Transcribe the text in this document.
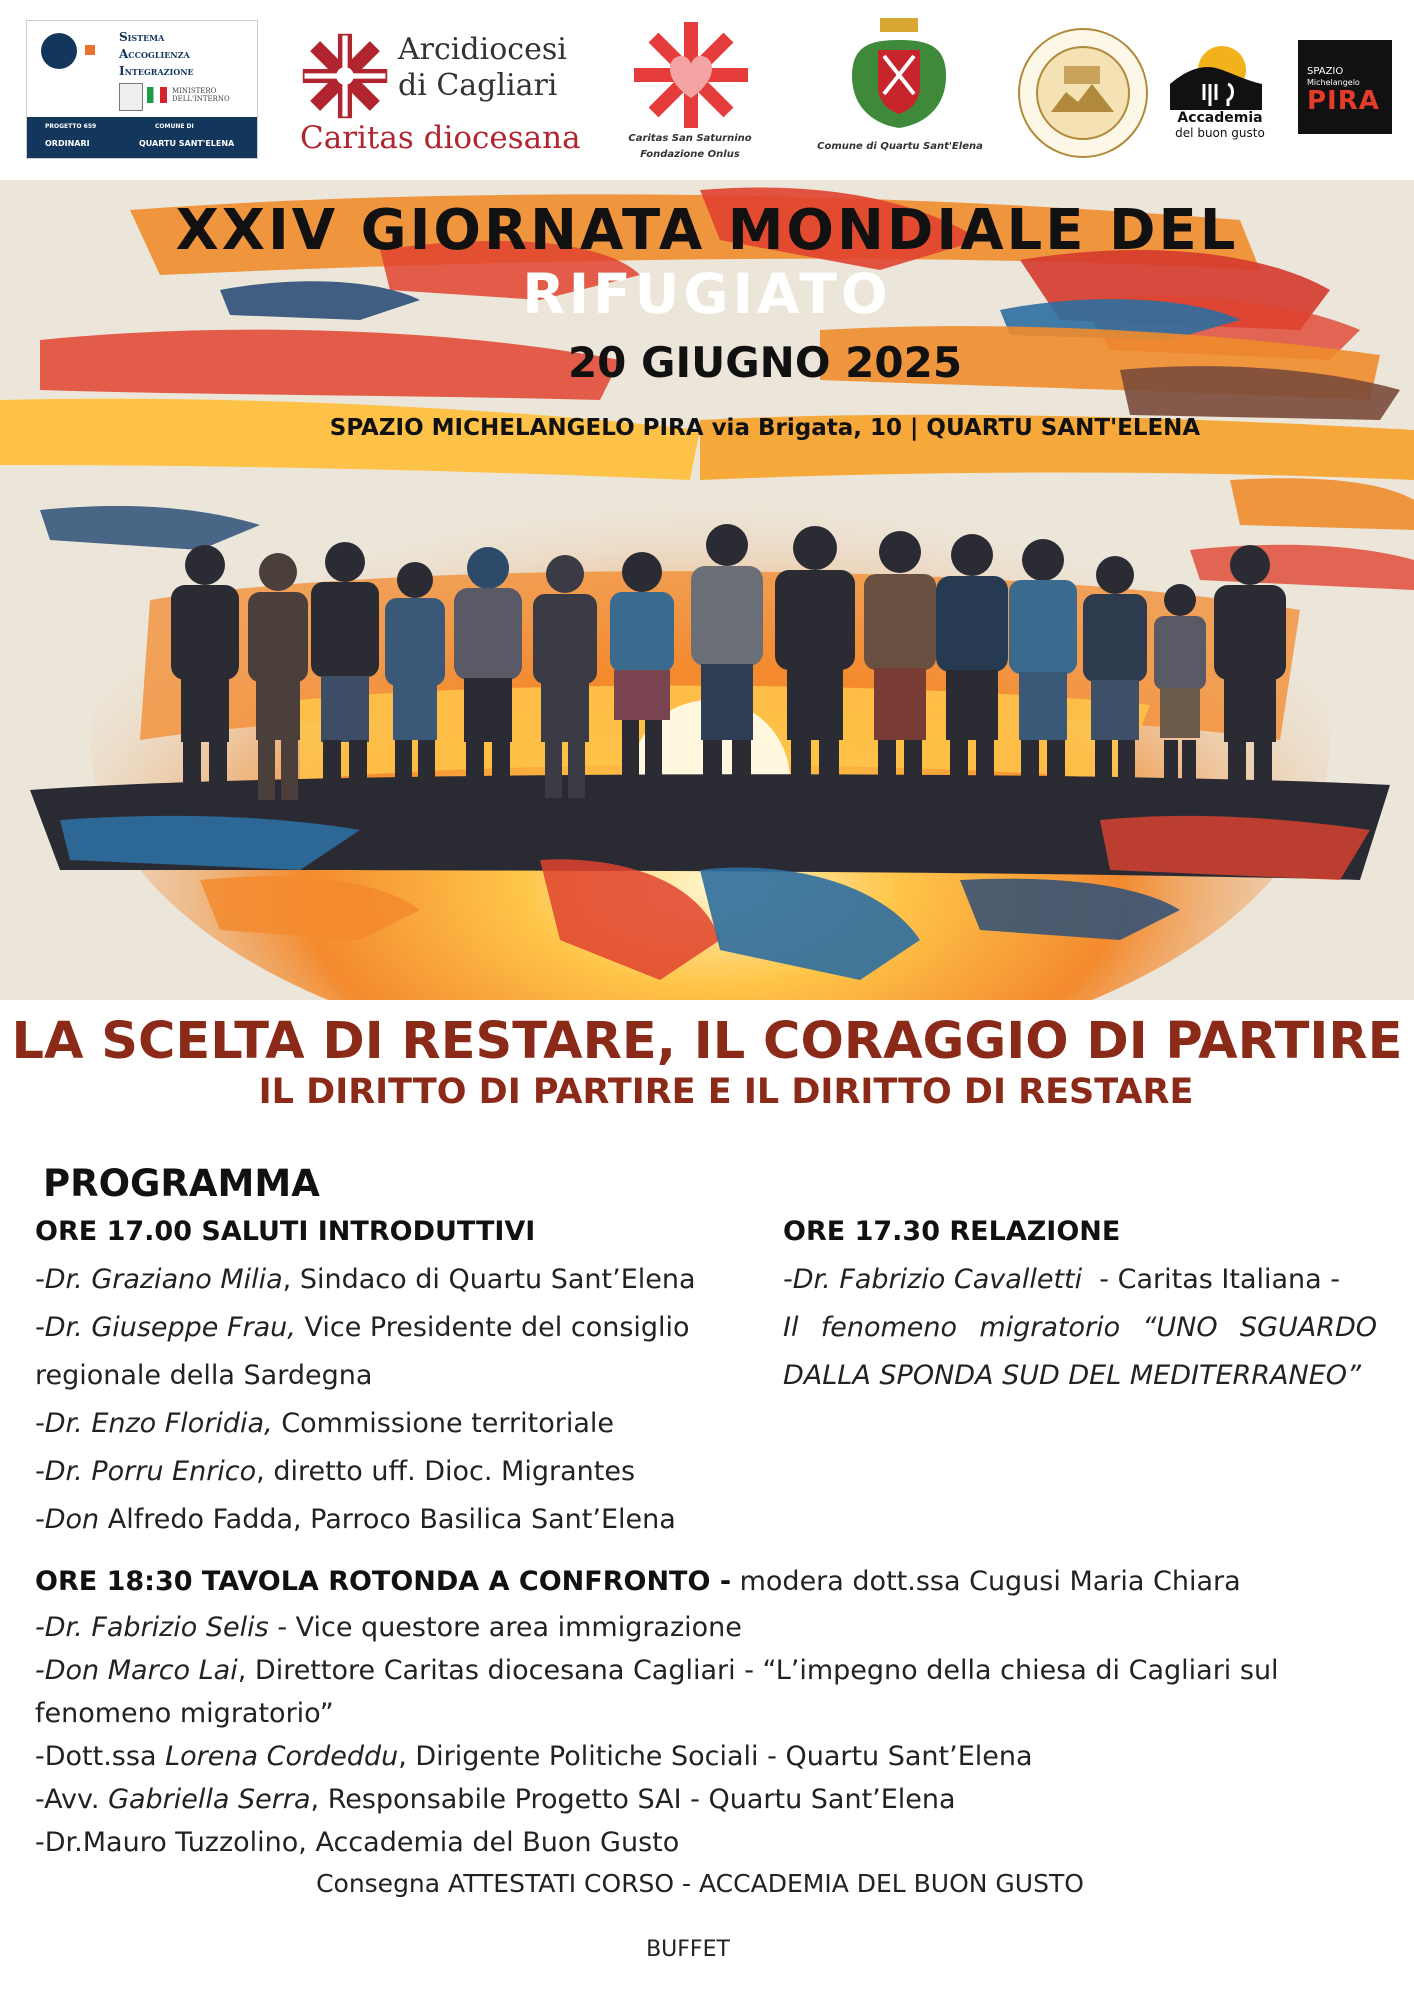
Sistema
Accoglienza
Integrazione
MINISTERO DELL'INTERNO
PROGETTO 659	COMUNE DI
ORDINARI	QUARTU SANT'ELENA
Arcidiocesi
di Cagliari
Caritas diocesana	Caritas San Saturnino
Fondazione Onlus
Comune di Quartu Sant'Elena
Accademia
del buon gusto
SPAZIO
Michelangelo
PIRA
XXIV GIORNATA MONDIALE DEL
RIFUGIATO
20 GIUGNO 2025
SPAZIO MICHELANGELO PIRA via Brigata, 10 | QUARTU SANT'ELENA
LA SCELTA DI RESTARE, IL CORAGGIO DI PARTIRE
IL DIRITTO DI PARTIRE E IL DIRITTO DI RESTARE
PROGRAMMA
ORE 17.00 SALUTI INTRODUTTIVI
-Dr. Graziano Milia, Sindaco di Quartu Sant’Elena
-Dr. Giuseppe Frau, Vice Presidente del consiglio
regionale della Sardegna
-Dr. Enzo Floridia, Commissione territoriale
-Dr. Porru Enrico, diretto uff. Dioc. Migrantes
-Don Alfredo Fadda, Parroco Basilica Sant’Elena
ORE 17.30 RELAZIONE
-Dr. Fabrizio Cavalletti  - Caritas Italiana -
Il fenomeno migratorio “UNO SGUARDO
DALLA SPONDA SUD DEL MEDITERRANEO”
ORE 18:30 TAVOLA ROTONDA A CONFRONTO - modera dott.ssa Cugusi Maria Chiara
-Dr. Fabrizio Selis - Vice questore area immigrazione
-Don Marco Lai, Direttore Caritas diocesana Cagliari - “L’impegno della chiesa di Cagliari sul
fenomeno migratorio”
-Dott.ssa Lorena Cordeddu, Dirigente Politiche Sociali - Quartu Sant’Elena
-Avv. Gabriella Serra, Responsabile Progetto SAI - Quartu Sant’Elena
-Dr.Mauro Tuzzolino, Accademia del Buon Gusto
Consegna ATTESTATI CORSO - ACCADEMIA DEL BUON GUSTO
BUFFET
